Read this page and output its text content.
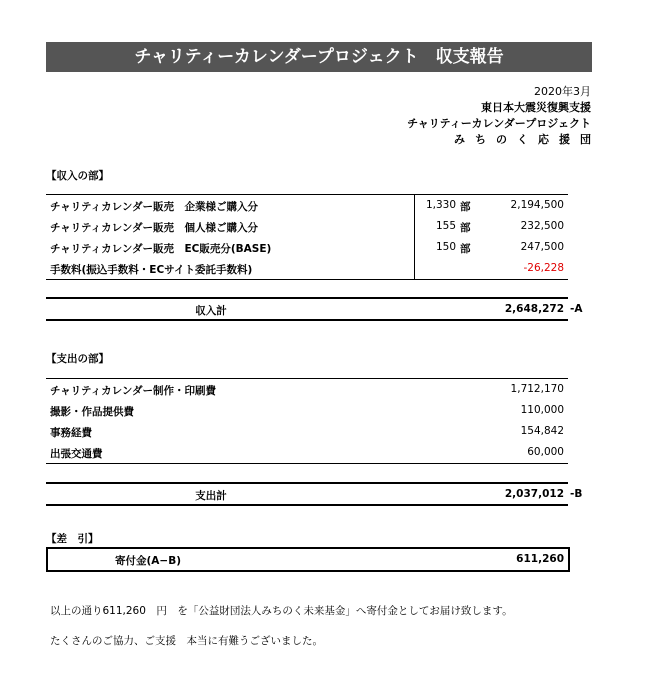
チャリティーカレンダープロジェクト　収支報告
2020年3月
東日本大震災復興支援
チャリティーカレンダープロジェクト
みちのく応援団
【収入の部】
チャリティカレンダー販売　企業様ご購入分	1,330 部	2,194,500
チャリティカレンダー販売　個人様ご購入分	155 部	232,500
チャリティカレンダー販売　EC販売分(BASE)	150 部	247,500
手数料(振込手数料・ECサイト委託手数料)	-26,228
収入計	2,648,272 -A
【支出の部】
チャリティカレンダー制作・印刷費	1,712,170
撮影・作品提供費	110,000
事務経費	154,842
出張交通費	60,000
支出計	2,037,012 -B
【差　引】
寄付金(A−B)	611,260
以上の通り611,260　円　を「公益財団法人みちのく未来基金」へ寄付金としてお届け致します。
たくさんのご協力、ご支援　本当に有難うございました。
